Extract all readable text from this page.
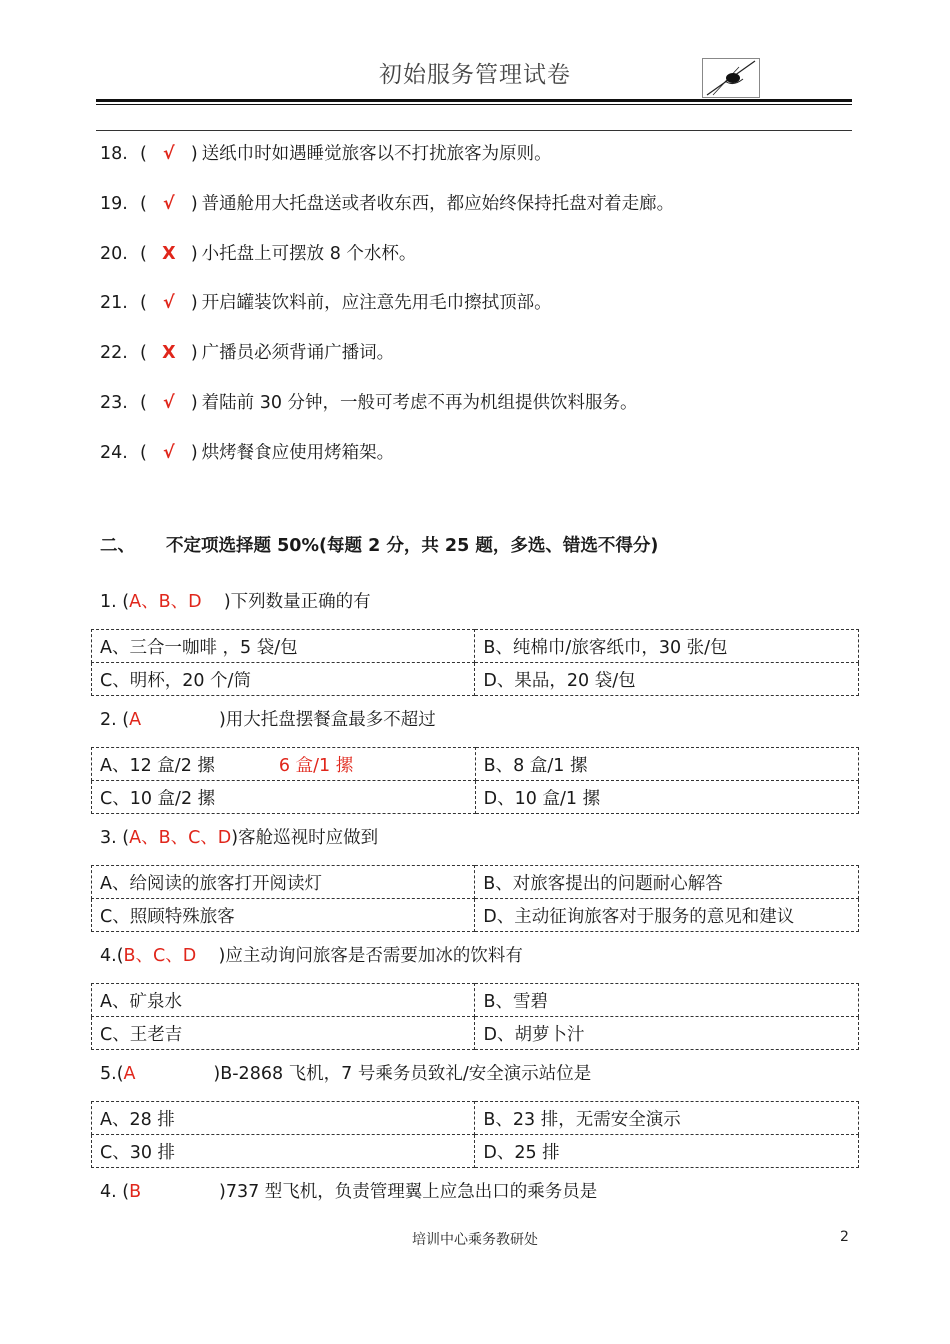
初始服务管理试卷
18. ( √ ) 送纸巾时如遇睡觉旅客以不打扰旅客为原则。
19. ( √ ) 普通舱用大托盘送或者收东西，都应始终保持托盘对着走廊。
20. ( X ) 小托盘上可摆放 8 个水杯。
21. ( √ ) 开启罐装饮料前，应注意先用毛巾擦拭顶部。
22. ( X ) 广播员必须背诵广播词。
23. ( √ ) 着陆前 30 分钟，一般可考虑不再为机组提供饮料服务。
24. ( √ ) 烘烤餐食应使用烤箱架。
二、 不定项选择题 50%(每题 2 分，共 25 题，多选、错选不得分)
1. (A、B、D )下列数量正确的有
A、三合一咖啡 ，5 袋/包	B、纯棉巾/旅客纸巾，30 张/包
C、明杯，20 个/筒	D、果品，20 袋/包
2. (A	)用大托盘摆餐盒最多不超过
A、12 盒/2 摞 6 盒/1 摞	B、8 盒/1 摞
C、10 盒/2 摞	D、10 盒/1 摞
3. (A、B、C、D)客舱巡视时应做到
A、给阅读的旅客打开阅读灯	B、对旅客提出的问题耐心解答
C、照顾特殊旅客	D、主动征询旅客对于服务的意见和建议
4.(B、C、D )应主动询问旅客是否需要加冰的饮料有
A、矿泉水	B、雪碧
C、王老吉	D、胡萝卜汁
5.(A	)B-2868 飞机，7 号乘务员致礼/安全演示站位是
A、28 排	B、23 排，无需安全演示
C、30 排	D、25 排
4. (B	)737 型飞机，负责管理翼上应急出口的乘务员是
培训中心乘务教研处	2
